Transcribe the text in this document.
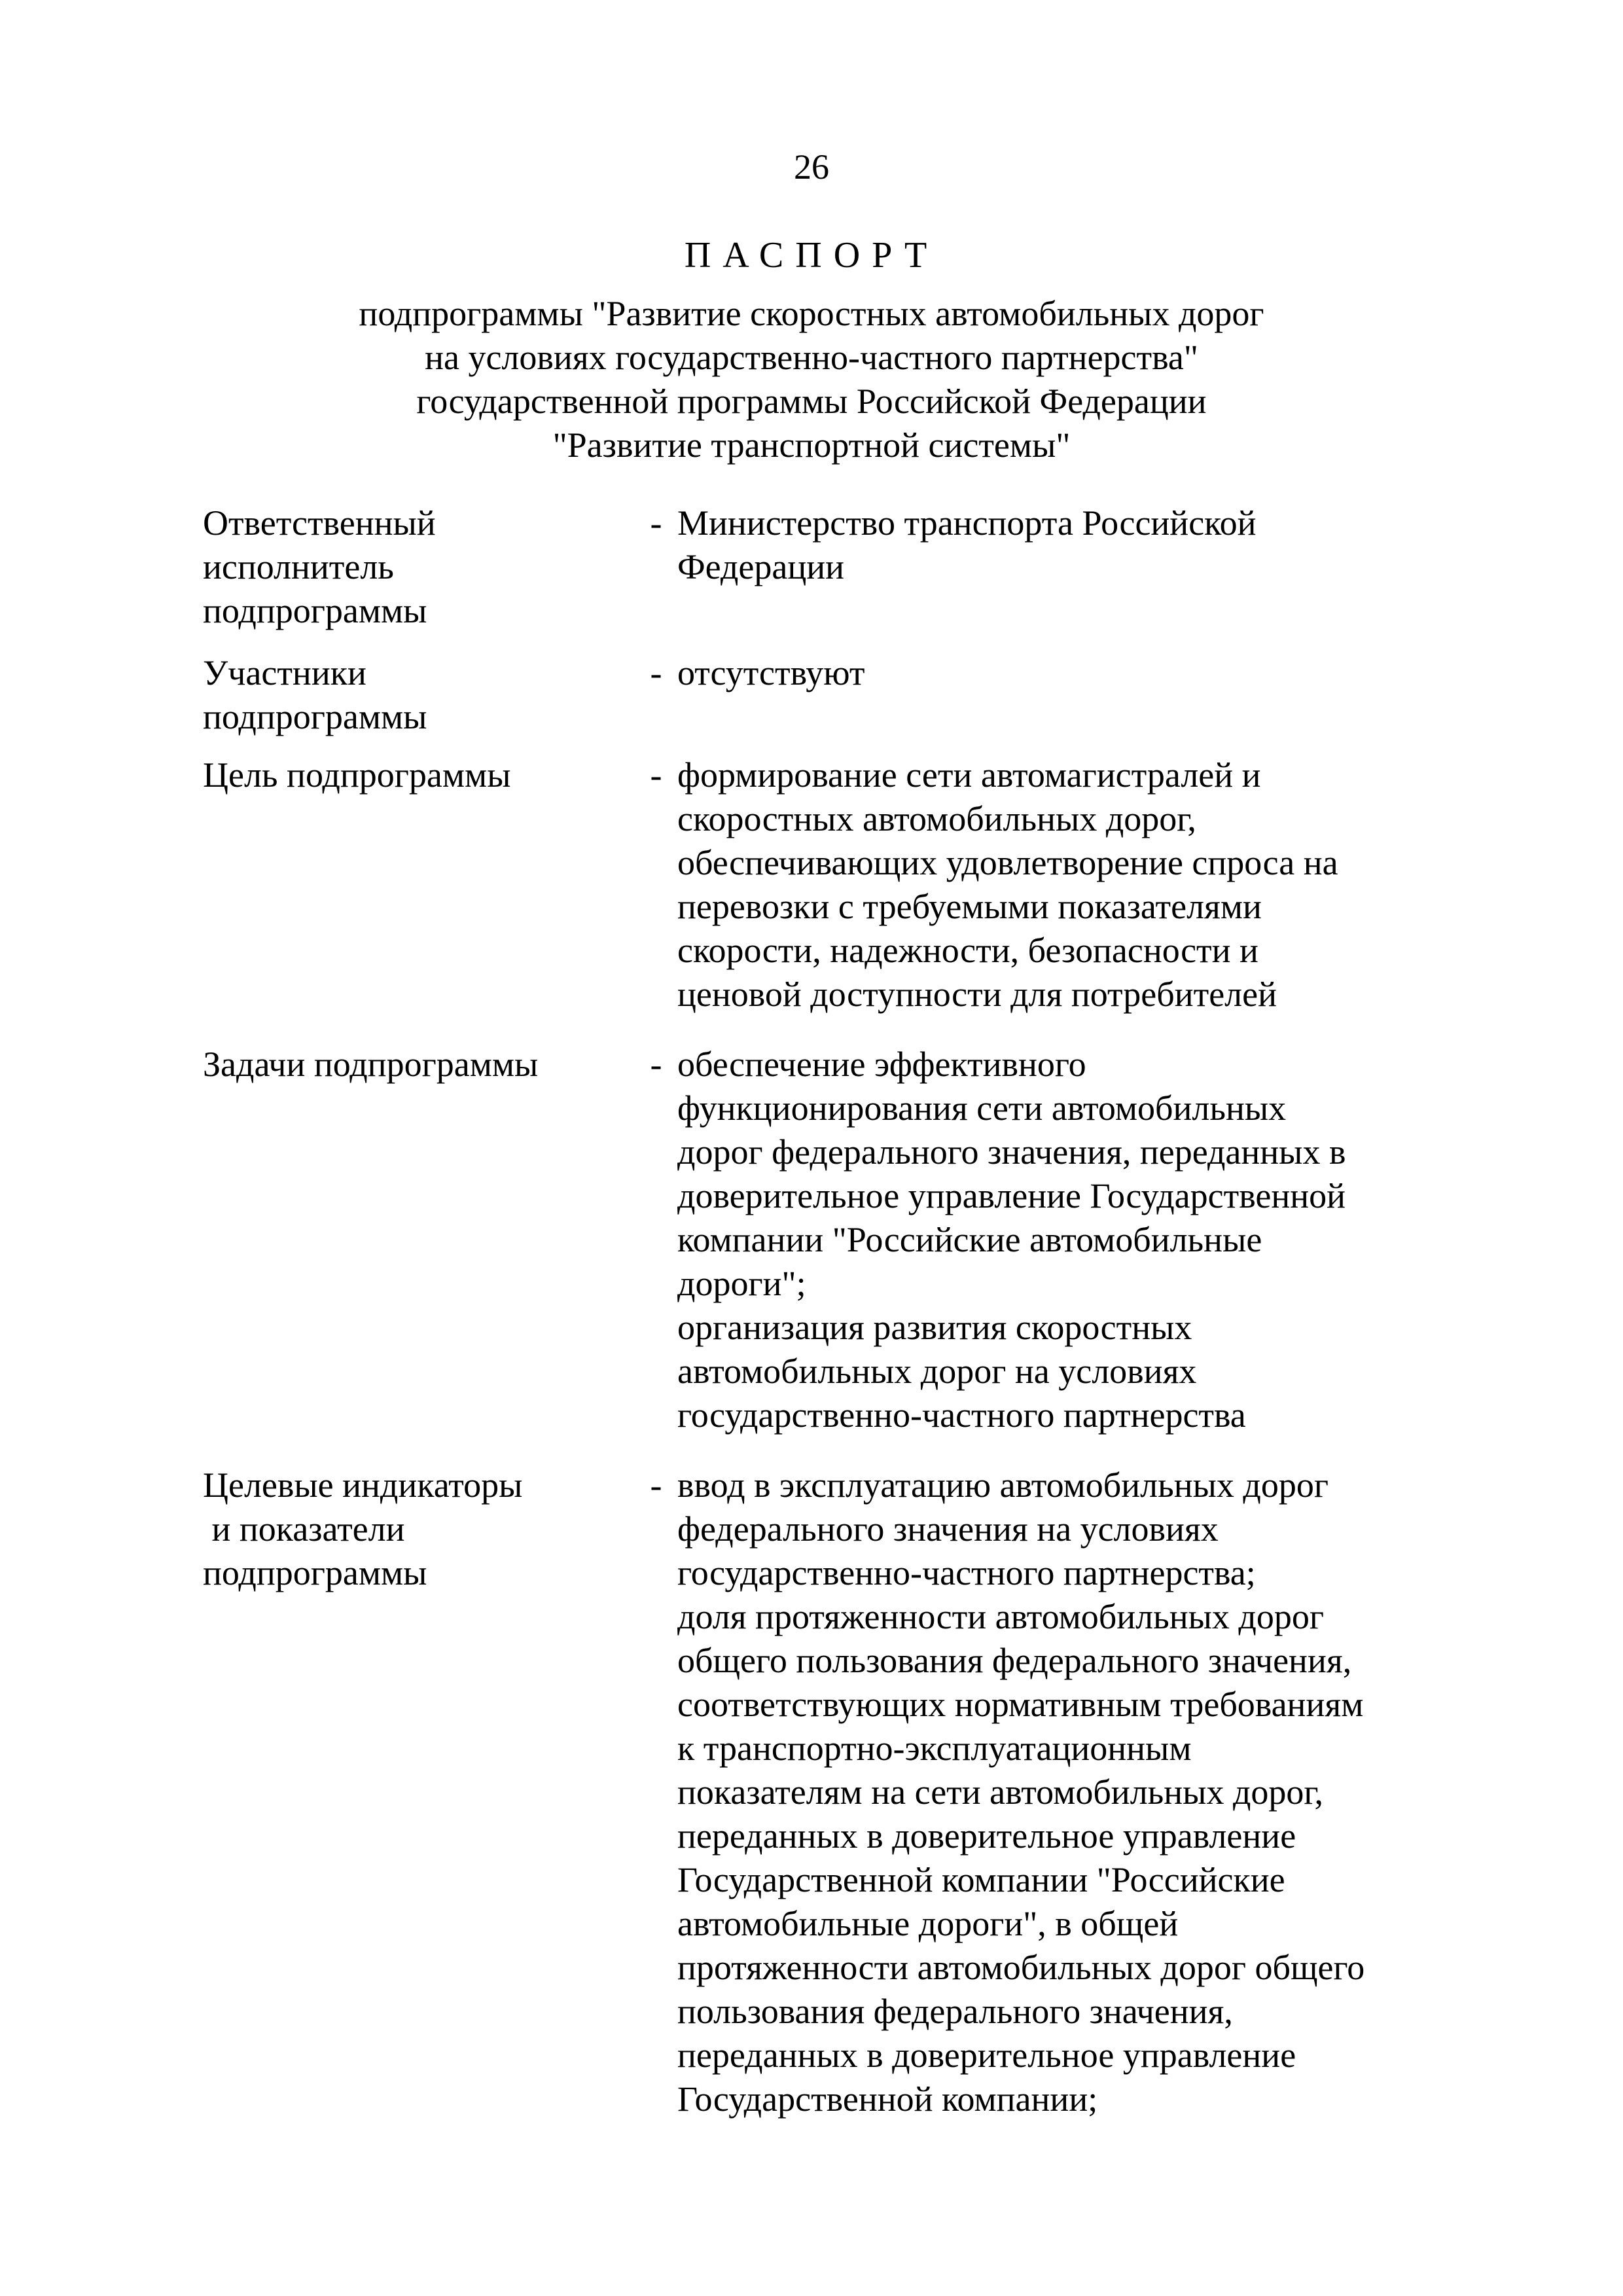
26
ПАСПОРТ
подпрограммы "Развитие скоростных автомобильных дорог
на условиях государственно-частного партнерства"
государственной программы Российской Федерации
"Развитие транспортной системы"
Ответственный
исполнитель
подпрограммы
- Министерство транспорта Российской
Федерации
Участники
подпрограммы
- отсутствуют
Цель подпрограммы	- формирование сети автомагистралей и
скоростных автомобильных дорог,
обеспечивающих удовлетворение спроса на
перевозки с требуемыми показателями
скорости, надежности, безопасности и
ценовой доступности для потребителей
Задачи подпрограммы	- обеспечение эффективного
функционирования сети автомобильных
дорог федерального значения, переданных в
доверительное управление Государственной
компании "Российские автомобильные
дороги";
организация развития скоростных
автомобильных дорог на условиях
государственно-частного партнерства
Целевые индикаторы
и показатели
подпрограммы
- ввод в эксплуатацию автомобильных дорог
федерального значения на условиях
государственно-частного партнерства;
доля протяженности автомобильных дорог
общего пользования федерального значения,
соответствующих нормативным требованиям
к транспортно-эксплуатационным
показателям на сети автомобильных дорог,
переданных в доверительное управление
Государственной компании "Российские
автомобильные дороги", в общей
протяженности автомобильных дорог общего
пользования федерального значения,
переданных в доверительное управление
Государственной компании;
